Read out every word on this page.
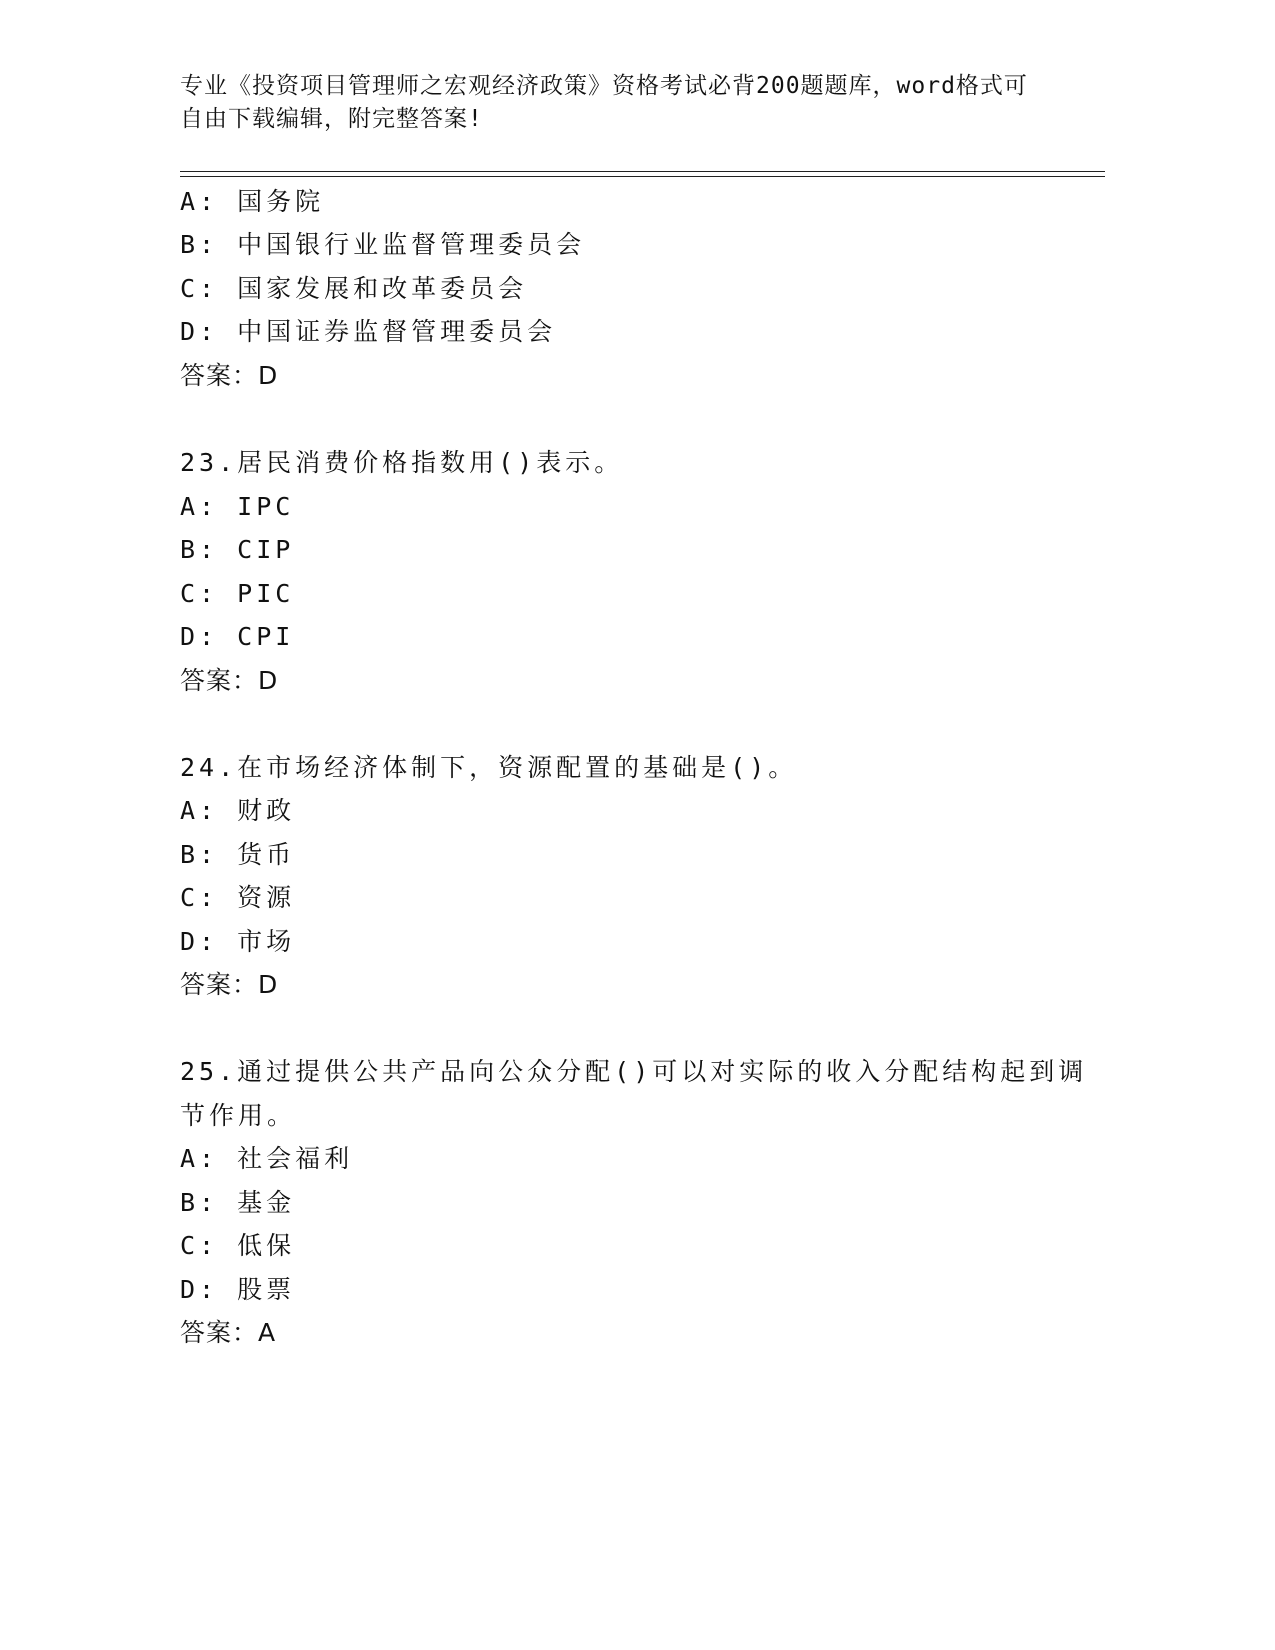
专业《投资项目管理师之宏观经济政策》资格考试必背200题题库，word格式可
自由下载编辑，附完整答案!
A: 国务院
B: 中国银行业监督管理委员会
C: 国家发展和改革委员会
D: 中国证券监督管理委员会
答案：D
23.居民消费价格指数用()表示。
A: IPC
B: CIP
C: PIC
D: CPI
答案：D
24.在市场经济体制下，资源配置的基础是()。
A: 财政
B: 货币
C: 资源
D: 市场
答案：D
25.通过提供公共产品向公众分配()可以对实际的收入分配结构起到调
节作用。
A: 社会福利
B: 基金
C: 低保
D: 股票
答案：A
